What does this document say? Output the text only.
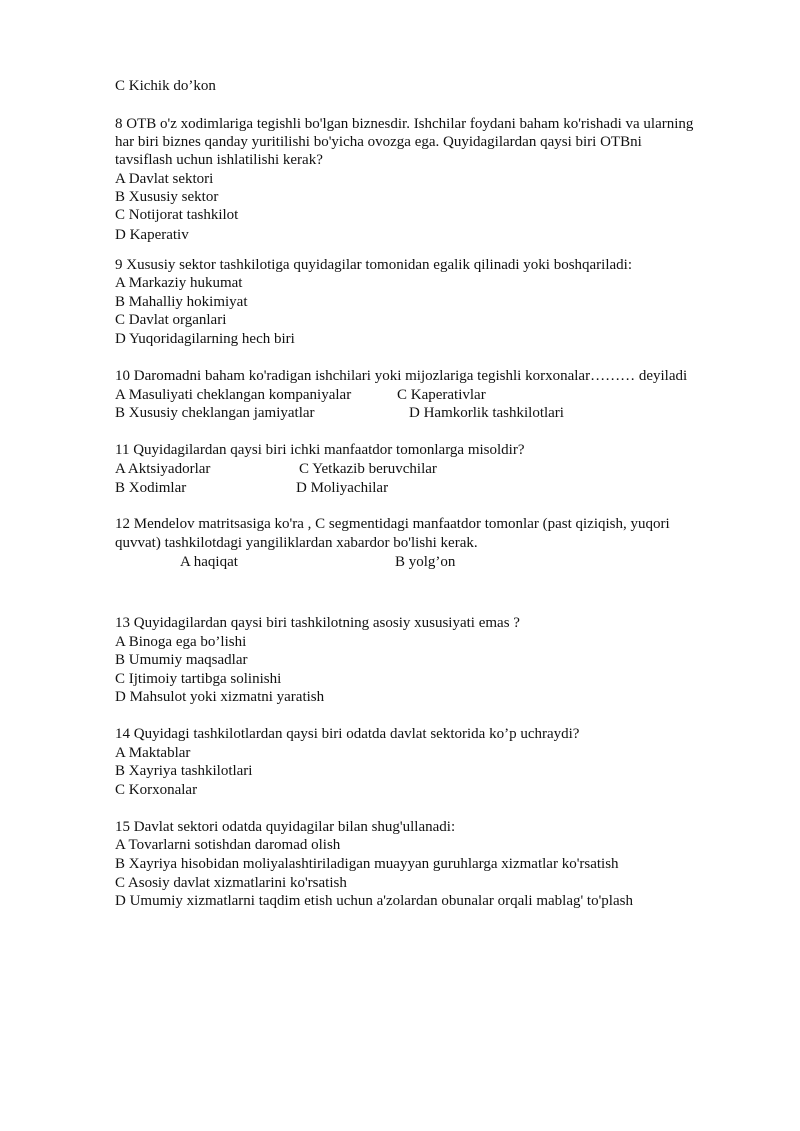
C Kichik do’kon
8 OTB o'z xodimlariga tegishli bo'lgan biznesdir. Ishchilar foydani baham ko'rishadi va ularning
har biri biznes qanday yuritilishi bo'yicha ovozga ega. Quyidagilardan qaysi biri OTBni
tavsiflash uchun ishlatilishi kerak?
A Davlat sektori
B Xususiy sektor
C Notijorat tashkilot
D Kaperativ
9 Xususiy sektor tashkilotiga quyidagilar tomonidan egalik qilinadi yoki boshqariladi:
A Markaziy hukumat
B Mahalliy hokimiyat
C Davlat organlari
D Yuqoridagilarning hech biri
10 Daromadni baham ko'radigan ishchilari yoki mijozlariga tegishli korxonalar……… deyiladi
A Masuliyati cheklangan kompaniyalar	C Kaperativlar
B Xususiy cheklangan jamiyatlar	D Hamkorlik tashkilotlari
11 Quyidagilardan qaysi biri ichki manfaatdor tomonlarga misoldir?
A Aktsiyadorlar	C Yetkazib beruvchilar
B Xodimlar	D Moliyachilar
12 Mendelov matritsasiga ko'ra , C segmentidagi manfaatdor tomonlar (past qiziqish, yuqori
quvvat) tashkilotdagi yangiliklardan xabardor bo'lishi kerak.
A haqiqat	B yolg’on
13 Quyidagilardan qaysi biri tashkilotning asosiy xususiyati emas ?
A Binoga ega bo’lishi
B Umumiy maqsadlar
C Ijtimoiy tartibga solinishi
D Mahsulot yoki xizmatni yaratish
14 Quyidagi tashkilotlardan qaysi biri odatda davlat sektorida ko’p uchraydi?
A Maktablar
B Xayriya tashkilotlari
C Korxonalar
15 Davlat sektori odatda quyidagilar bilan shug'ullanadi:
A Tovarlarni sotishdan daromad olish
B Xayriya hisobidan moliyalashtiriladigan muayyan guruhlarga xizmatlar ko'rsatish
C Asosiy davlat xizmatlarini ko'rsatish
D Umumiy xizmatlarni taqdim etish uchun a'zolardan obunalar orqali mablag' to'plash
